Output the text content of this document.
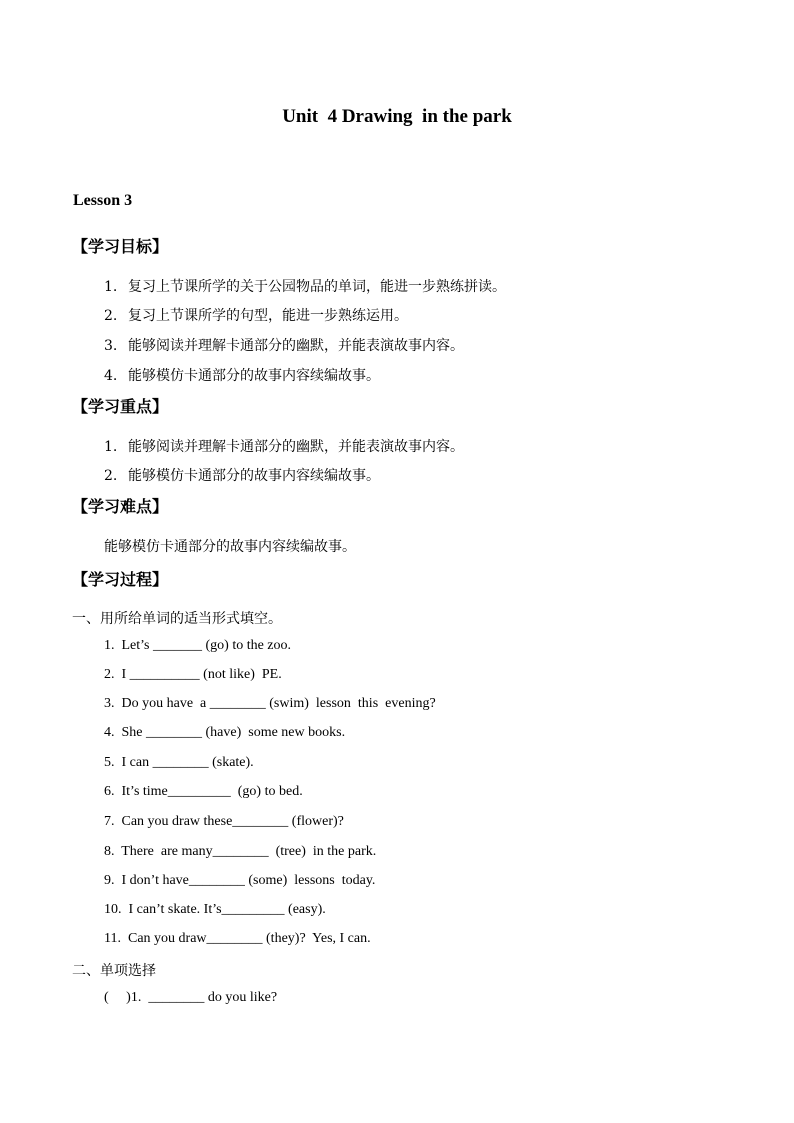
Unit  4 Drawing  in the park
Lesson 3
【学习目标】
1. 复习上节课所学的关于公园物品的单词，能进一步熟练拼读。
2. 复习上节课所学的句型，能进一步熟练运用。
3. 能够阅读并理解卡通部分的幽默，并能表演故事内容。
4. 能够模仿卡通部分的故事内容续编故事。
【学习重点】
1. 能够阅读并理解卡通部分的幽默，并能表演故事内容。
2. 能够模仿卡通部分的故事内容续编故事。
【学习难点】
能够模仿卡通部分的故事内容续编故事。
【学习过程】
一、用所给单词的适当形式填空。
1.  Let’s _______ (go) to the zoo.
2.  I __________ (not like)  PE.
3.  Do you have  a ________ (swim)  lesson  this  evening?
4.  She ________ (have)  some new books.
5.  I can ________ (skate).
6.  It’s time_________  (go) to bed.
7.  Can you draw these________ (flower)?
8.  There  are many________  (tree)  in the park.
9.  I don’t have________ (some)  lessons  today.
10.  I can’t skate. It’s_________ (easy).
11.  Can you draw________ (they)?  Yes, I can.
二、单项选择
(     )1.  ________ do you like?
